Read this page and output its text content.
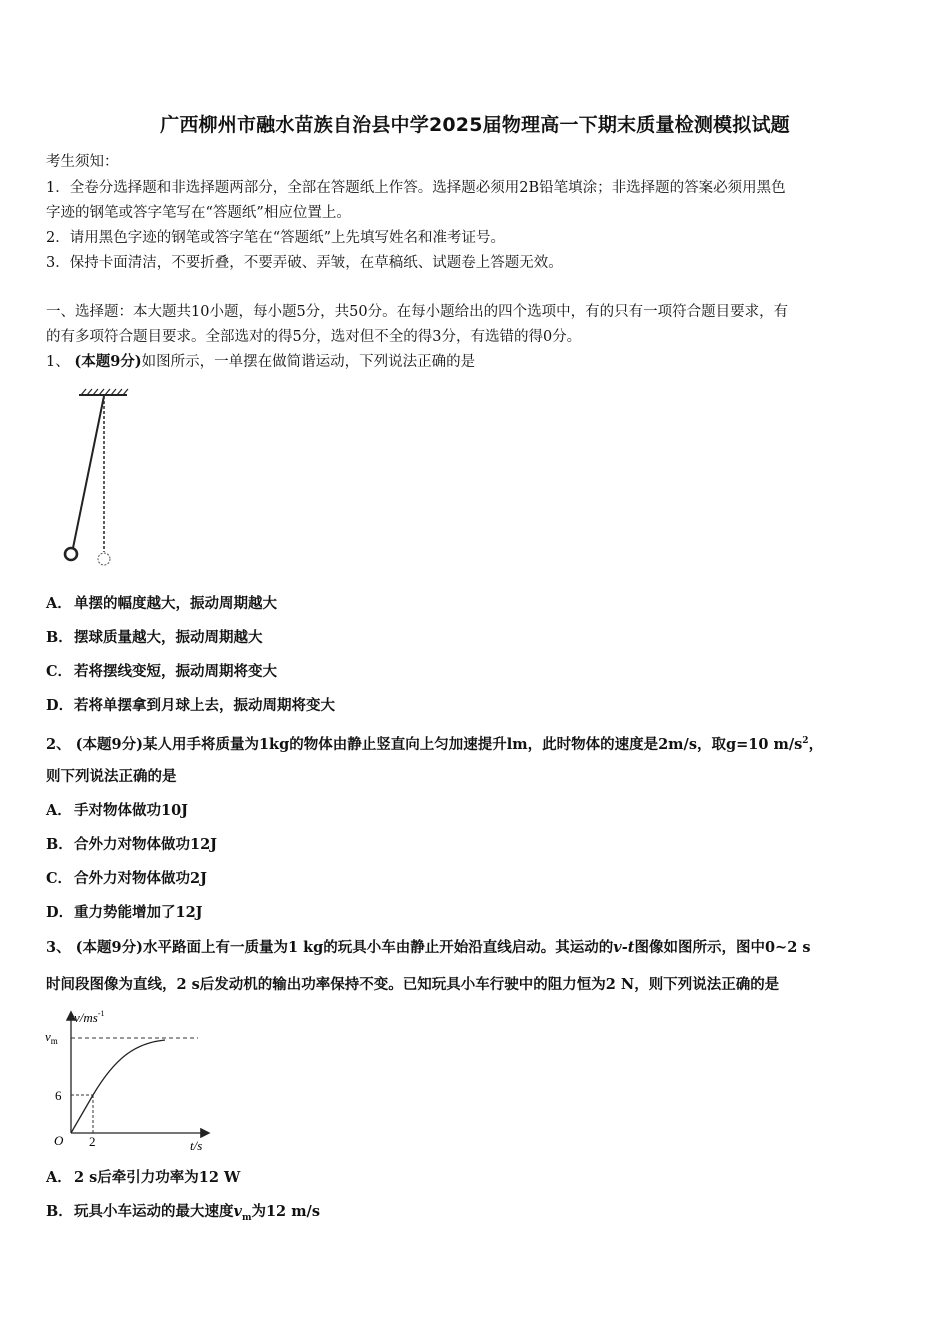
广西柳州市融水苗族自治县中学2025届物理高一下期末质量检测模拟试题
考生须知：
1．全卷分选择题和非选择题两部分，全部在答题纸上作答。选择题必须用2B铅笔填涂；非选择题的答案必须用黑色
字迹的钢笔或答字笔写在“答题纸”相应位置上。
2．请用黑色字迹的钢笔或答字笔在“答题纸”上先填写姓名和准考证号。
3．保持卡面清洁，不要折叠，不要弄破、弄皱，在草稿纸、试题卷上答题无效。
一、选择题：本大题共10小题，每小题5分，共50分。在每小题给出的四个选项中，有的只有一项符合题目要求，有
的有多项符合题目要求。全部选对的得5分，选对但不全的得3分，有选错的得0分。
1、 (本题9分)如图所示，一单摆在做简谐运动，下列说法正确的是
A． 单摆的幅度越大，振动周期越大
B．摆球质量越大，振动周期越大
C． 若将摆线变短，振动周期将变大
D．若将单摆拿到月球上去，振动周期将变大
2、 (本题9分)某人用手将质量为1kg的物体由静止竖直向上匀加速提升lm，此时物体的速度是2m/s，取g=10 $m/s^2$，
则下列说法正确的是
A． 手对物体做功10J
B．合外力对物体做功12J
C． 合外力对物体做功2J
D．重力势能增加了12J
3、 (本题9分)水平路面上有一质量为1 kg的玩具小车由静止开始沿直线启动。其运动的v-t图像如图所示，图中0~2 s
时间段图像为直线，2 s后发动机的输出功率保持不变。已知玩具小车行驶中的阻力恒为2 N，则下列说法正确的是
$v/ms^{-1}$
$v_m$
6
O 2	t/s
A． 2 s后牵引力功率为12 W
B．玩具小车运动的最大速度$v_m$为12 m/s
